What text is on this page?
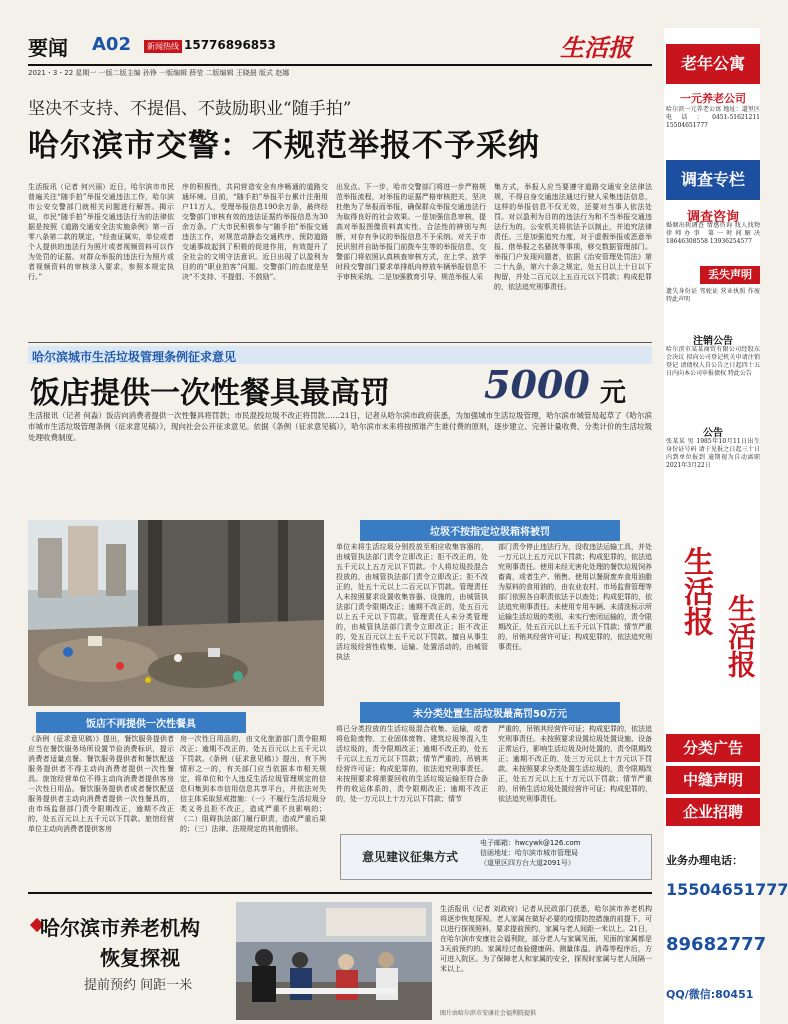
要闻 A02	新闻热线 15776896853	生活报
2021・3・22 星期一 一版二版主编 孙铮 一版编辑 薛莹 二版编辑 王晓晨 版式 赵娜
坚决不支持、不提倡、不鼓励职业“随手拍”
哈尔滨市交警：不规范举报不予采纳
生活报讯（记者 何兴丽）近日，哈尔滨市市民普遍关注“随手拍”举报交通违法工作，哈尔滨市公安交警部门就相关问题进行解答。揭示说，市民“随手拍”举报交通违法行为的法律依据是按照《道路交通安全法实施条例》第一百零八条第二款的规定，“经查证属实，单位或者个人提供的违法行为照片或者视频资料可以作为处罚的证据。对群众举报的违法行为照片或者视频资料的审核录入要求，参照本规定执行。”
序的积极性，共同营造安全有序畅通的道路交通环境。目前，“随手拍”举报平台累计注册用户11万人，受理举报信息190余万条，最终经交警部门审核有效的违法证据约举报信息为30余万条。广大市民积极参与“随手拍”举报交通违法工作，对规范动静态交通秩序、预防道路交通事故起到了积极的促进作用，有效提升了全社会的文明守法意识。近日出现了以盈利为目的的“职业拍客”问题。交警部门的态度是坚决“不支持、不提倡、不鼓励”。
出发点。下一步，哈市交警部门将进一步严格规范举报流程，对举报的证据严格审核把关，坚决杜绝为了举报而举报，确保群众举报交通违法行为取得良好的社会效果。一是加强信息审核，提高对举报图像资料真实性、合法性的辨别与判断，对存有争议的举报信息不予采纳。对关于市民识别并自助举报门前拨车生等的举报信息，交警部门将依照认真核查审核方式，在上学、放学时段交警部门要求单排纸向停放车辆举报信息不予审核采纳。二是加强教育引导，规范举报人采
集方式，举报人应当要遵守道路交通安全法律法规，不得自身交通违法通过行驶人采集违法信息，这样的举报信息不仅无效，还要对当事人依法处罚。对以盈利为目的的违法行为和不当举报交通违法行为的，公安机关将依法予以制止，并追究法律责任。三是加强追究力度，对于虚假举报或恶意举报、借举报之名骚扰等事项，移交数据管理部门。举报门户发现问题者，依据《治安管理处罚法》第二十九条，第六十条之规定，处五日以上十日以下拘留，并处二百元以上五百元以下罚款；构成犯罪的，依法追究刑事责任。
哈尔滨城市生活垃圾管理条例征求意见
饭店提供一次性餐具最高罚 5000 元
生活报讯（记者 何淼）饭店向消费者提供一次性餐具将罚款；市民混投垃圾不改正将罚款……21日，记者从哈尔滨市政府获悉，为加强城市生活垃圾管理，哈尔滨市城管局起草了《哈尔滨市城市生活垃圾管理条例（征求意见稿）》，现向社会公开征求意见。依据《条例（征求意见稿）》，哈尔滨市未来将按照谁产生谁付费的原则，逐步建立、完善计量收费、分类计价的生活垃圾处理收费制度。
饭店不再提供一次性餐具
《条例（征求意见稿）》提出，餐饮服务提供者应当在餐饮服务场所设置节俭消费标识，提示消费者适量点餐。餐饮服务提供者和餐饮配送服务提供者不得主动向消费者提供一次性餐具。旅馆经营单位不得主动向消费者提供客房一次性日用品。餐饮服务提供者或者餐饮配送服务提供者主动向消费者提供一次性餐具的，由市场监督部门责令限期改正，逾期不改正的，处五百元以上五千元以下罚款。旅馆经营单位主动向消费者提供客房
房一次性日用品的，由文化旅游部门责令限期改正；逾期不改正的，处五百元以上五千元以下罚款。《条例（征求意见稿）》提出，有下列情形之一的，有关部门应当依据本市相关规定，将单位和个人违反生活垃圾管理规定的信息归集到本市信用信息共享平台，并依法对失信主体采取惩戒措施：（一）不履行生活垃圾分类义务且拒不改正，造成严重不良影响的；（二）阻碍执法部门履行职责，造成严重后果的；（三）法律、法规规定的其他情形。
垃圾不按指定垃圾箱将被罚
单位未将生活垃圾分别投放至相应收集容器的，由城管执法部门责令立即改正；拒不改正的，处五千元以上五万元以下罚款。个人将垃圾投混合投放的，由城管执法部门责令立即改正；拒不改正的，处五十元以上二百元以下罚款。管理责任人未按照要求设置收集容器、设施的，由城管执法部门责令限期改正；逾期不改正的，处五百元以上五千元以下罚款。管理责任人未分类管理的，由城管执法部门责令立即改正；拒不改正的，处五百元以上五千元以下罚款。擅自从事生活垃圾经营性收集、运输、处置活动的，由城管执法
部门责令停止违法行为，没收违法运输工具，并处一万元以上五万元以下罚款；构成犯罪的，依法追究刑事责任。使用未经无害化处理的餐饮垃圾饲养畜禽，或者生产、销售、使用以餐厨废弃食用油脂为原料的食用油的，由农业农村、市场监督管理等部门依照各自职责依法予以查处；构成犯罪的，依法追究刑事责任。未使用专用车辆、未清洗标示所运输生活垃圾的类别、未实行密闭运输的，责令限期改正，处五百元以上五千元以下罚款；情节严重的，吊销其经营许可证；构成犯罪的，依法追究刑事责任。
未分类处置生活垃圾最高罚50万元
将已分类投放的生活垃圾混合收集、运输，或者将危险废物、工业固体废物、建筑垃圾等混入生活垃圾的，责令限期改正；逾期不改正的，处五千元以上五万元以下罚款；情节严重的，吊销其经营许可证；构成犯罪的，依法追究刑事责任。未按照要求将需要回收的生活垃圾运输至符合条件的收运体系的，责令限期改正；逾期不改正的，处一万元以上十万元以下罚款；情节
严重的，吊销其经营许可证；构成犯罪的，依法追究刑事责任。未按照要求设置垃圾处置设施、设备正常运行，影响生活垃圾及时处置的，责令限期改正；逾期不改正的，处三万元以上十万元以下罚款。未按照要求分类处置生活垃圾的，责令限期改正，处五万元以上五十万元以下罚款；情节严重的，吊销生活垃圾处置经营许可证；构成犯罪的，依法追究刑事责任。
意见建议征集方式
电子邮箱：hwcywk@126.com
信函地址：哈尔滨市城市管理局
（道里区四方台大道2091号）
哈尔滨市养老机构
恢复探视
提前预约 间距一米
生活报讯（记者 刘政府）记者从民政部门获悉，哈尔滨市养老机构将逐步恢复探视。老人家属在做好必要的疫情防控措施的前提下，可以进行探视照料，要求提前预约，家属与老人间距一米以上。21日，在哈尔滨市安康社会福利院，部分老人与家属见面，见面的家属都是3天前预约的。家属经过查验健康码、测量体温、消毒等程序后，方可进入院区。为了保障老人和家属的安全，探视时家属与老人间隔一米以上。
图片由哈尔滨市安康社会福利院提供
老年公寓
一元养老公司
哈尔滨一元养老公寓 地址：道里区 电话：0451-51621211 15504651777
调查专栏
调查咨询
婚姻出轨调查 情感咨询 找人找物 律师办事 第一时间解决 18646308558 13936254577
丢失声明
遗失身份证 驾驶证 营业执照 作废 特此声明
注销公告
哈尔滨市某某商贸有限公司经股东会决议 拟向公司登记机关申请注销登记 请债权人自公告之日起四十五日内向本公司申报债权 特此公告
公告
张某某 男 1985年10月11日出生 身份证号码 请于见报之日起三十日内到单位报到 逾期视为自动离职 2021年3月22日
生活报 生活报
分类广告
中缝声明
企业招聘
业务办理电话：
15504651777
89682777
QQ/微信:80451
